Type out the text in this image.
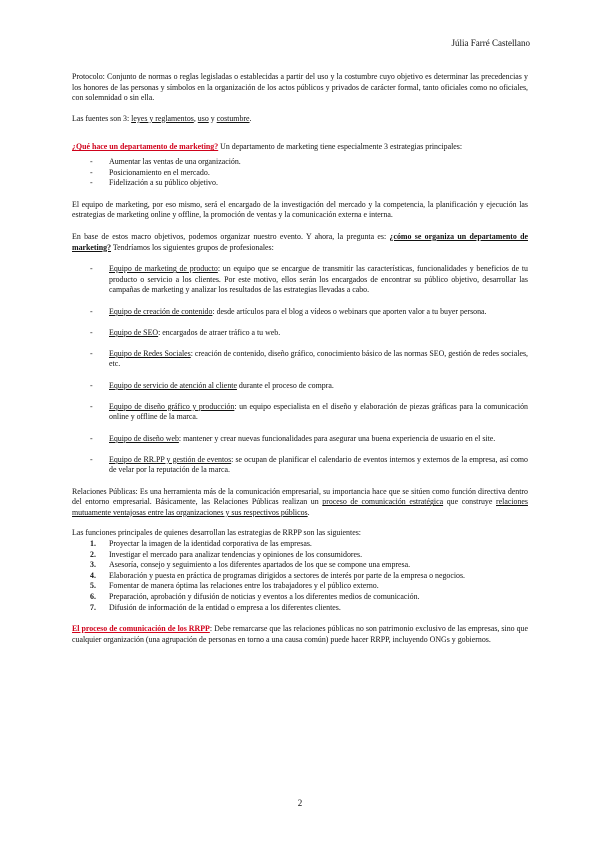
Júlia Farré Castellano

Protocolo: Conjunto de normas o reglas legisladas o establecidas a partir del uso y la costumbre cuyo objetivo es determinar las precedencias y los honores de las personas y símbolos en la organización de los actos públicos y privados de carácter formal, tanto oficiales como no oficiales, con solemnidad o sin ella.

Las fuentes son 3: leyes y reglamentos, uso y costumbre.

¿Qué hace un departamento de marketing? Un departamento de marketing tiene especialmente 3 estrategias principales:

- Aumentar las ventas de una organización.
- Posicionamiento en el mercado.
- Fidelización a su público objetivo.

El equipo de marketing, por eso mismo, será el encargado de la investigación del mercado y la competencia, la planificación y ejecución las estrategias de marketing online y offline, la promoción de ventas y la comunicación externa e interna.

En base de estos macro objetivos, podemos organizar nuestro evento. Y ahora, la pregunta es: ¿cómo se organiza un departamento de marketing? Tendríamos los siguientes grupos de profesionales:

- Equipo de marketing de producto: un equipo que se encargue de transmitir las características, funcionalidades y beneficios de tu producto o servicio a los clientes. Por este motivo, ellos serán los encargados de encontrar su público objetivo, desarrollar las campañas de marketing y analizar los resultados de las estrategias llevadas a cabo.
- Equipo de creación de contenido: desde artículos para el blog a vídeos o webinars que aporten valor a tu buyer persona.
- Equipo de SEO: encargados de atraer tráfico a tu web.
- Equipo de Redes Sociales: creación de contenido, diseño gráfico, conocimiento básico de las normas SEO, gestión de redes sociales, etc.
- Equipo de servicio de atención al cliente durante el proceso de compra.
- Equipo de diseño gráfico y producción: un equipo especialista en el diseño y elaboración de piezas gráficas para la comunicación online y offline de la marca.
- Equipo de diseño web: mantener y crear nuevas funcionalidades para asegurar una buena experiencia de usuario en el site.
- Equipo de RR.PP y gestión de eventos: se ocupan de planificar el calendario de eventos internos y externos de la empresa, así como de velar por la reputación de la marca.

Relaciones Públicas: Es una herramienta más de la comunicación empresarial, su importancia hace que se sitúen como función directiva dentro del entorno empresarial. Básicamente, las Relaciones Públicas realizan un proceso de comunicación estratégica que construye relaciones mutuamente ventajosas entre las organizaciones y sus respectivos públicos.

Las funciones principales de quienes desarrollan las estrategias de RRPP son las siguientes:

1. Proyectar la imagen de la identidad corporativa de las empresas.
2. Investigar el mercado para analizar tendencias y opiniones de los consumidores.
3. Asesoría, consejo y seguimiento a los diferentes apartados de los que se compone una empresa.
4. Elaboración y puesta en práctica de programas dirigidos a sectores de interés por parte de la empresa o negocios.
5. Fomentar de manera óptima las relaciones entre los trabajadores y el público externo.
6. Preparación, aprobación y difusión de noticias y eventos a los diferentes medios de comunicación.
7. Difusión de información de la entidad o empresa a los diferentes clientes.

El proceso de comunicación de los RRPP: Debe remarcarse que las relaciones públicas no son patrimonio exclusivo de las empresas, sino que cualquier organización (una agrupación de personas en torno a una causa común) puede hacer RRPP, incluyendo ONGs y gobiernos.

2
